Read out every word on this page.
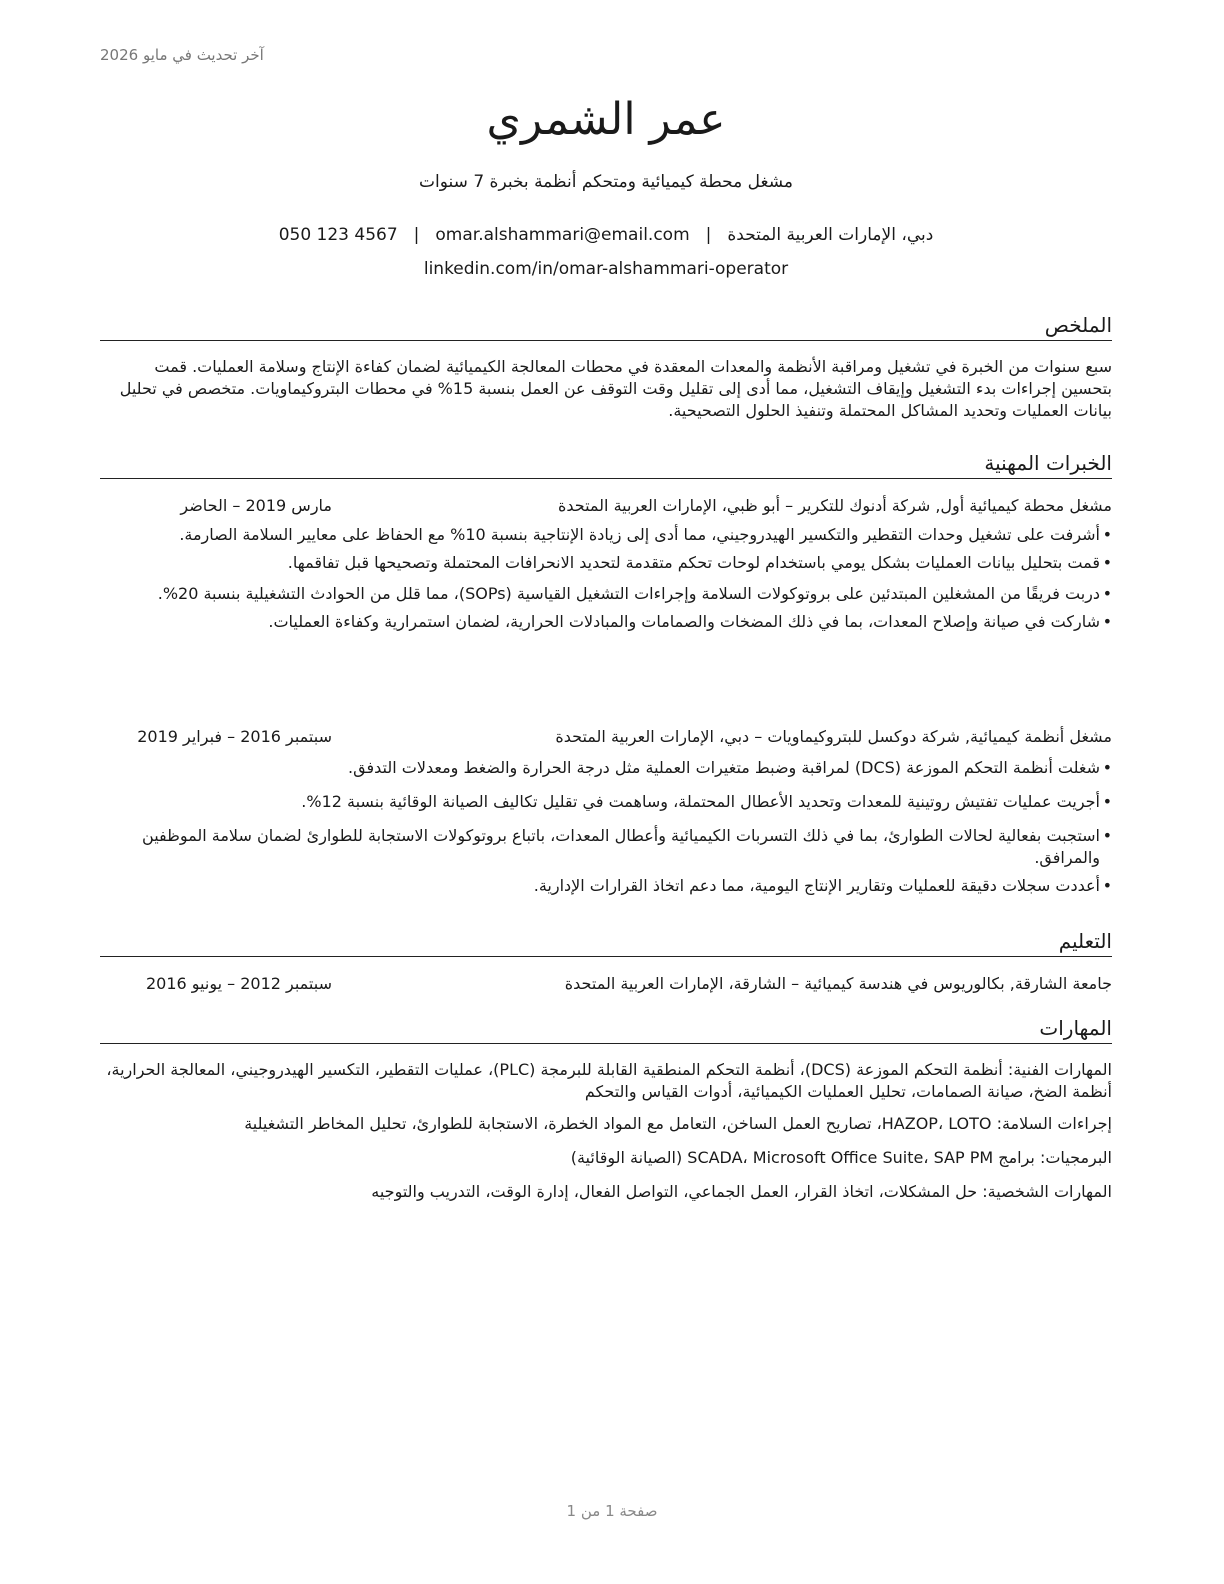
آخر تحديث في مايو 2026
عمر الشمري
مشغل محطة كيميائية ومتحكم أنظمة بخبرة 7 سنوات
دبي، الإمارات العربية المتحدة|omar.alshammari@email.com|050 123 4567
linkedin.com/in/omar-alshammari-operator
الملخص

سبع سنوات من الخبرة في تشغيل ومراقبة الأنظمة والمعدات المعقدة في محطات المعالجة الكيميائية لضمان كفاءة الإنتاج وسلامة العمليات. قمت بتحسين إجراءات بدء التشغيل وإيقاف التشغيل، مما أدى إلى تقليل وقت التوقف عن العمل بنسبة 15% في محطات البتروكيماويات. متخصص في تحليل بيانات العمليات وتحديد المشاكل المحتملة وتنفيذ الحلول التصحيحية.

الخبرات المهنية
مشغل محطة كيميائية أول, شركة أدنوك للتكرير – أبو ظبي، الإمارات العربية المتحدة
مارس 2019 – الحاضر
• أشرفت على تشغيل وحدات التقطير والتكسير الهيدروجيني، مما أدى إلى زيادة الإنتاجية بنسبة 10% مع الحفاظ على معايير السلامة الصارمة.
• قمت بتحليل بيانات العمليات بشكل يومي باستخدام لوحات تحكم متقدمة لتحديد الانحرافات المحتملة وتصحيحها قبل تفاقمها.
• دربت فريقًا من المشغلين المبتدئين على بروتوكولات السلامة وإجراءات التشغيل القياسية (SOPs)، مما قلل من الحوادث التشغيلية بنسبة 20%.
• شاركت في صيانة وإصلاح المعدات، بما في ذلك المضخات والصمامات والمبادلات الحرارية، لضمان استمرارية وكفاءة العمليات.
مشغل أنظمة كيميائية, شركة دوكسل للبتروكيماويات – دبي، الإمارات العربية المتحدة
سبتمبر 2016 – فبراير 2019
• شغلت أنظمة التحكم الموزعة (DCS) لمراقبة وضبط متغيرات العملية مثل درجة الحرارة والضغط ومعدلات التدفق.
• أجريت عمليات تفتيش روتينية للمعدات وتحديد الأعطال المحتملة، وساهمت في تقليل تكاليف الصيانة الوقائية بنسبة 12%.
• استجبت بفعالية لحالات الطوارئ، بما في ذلك التسربات الكيميائية وأعطال المعدات، باتباع بروتوكولات الاستجابة للطوارئ لضمان سلامة الموظفين والمرافق.
• أعددت سجلات دقيقة للعمليات وتقارير الإنتاج اليومية، مما دعم اتخاذ القرارات الإدارية.
التعليم
جامعة الشارقة, بكالوريوس في هندسة كيميائية – الشارقة، الإمارات العربية المتحدة
سبتمبر 2012 – يونيو 2016
المهارات

المهارات الفنية: أنظمة التحكم الموزعة (DCS)، أنظمة التحكم المنطقية القابلة للبرمجة (PLC)، عمليات التقطير، التكسير الهيدروجيني، المعالجة الحرارية، أنظمة الضخ، صيانة الصمامات، تحليل العمليات الكيميائية، أدوات القياس والتحكم

إجراءات السلامة: HAZOP، LOTO، تصاريح العمل الساخن، التعامل مع المواد الخطرة، الاستجابة للطوارئ، تحليل المخاطر التشغيلية

البرمجيات: برامج SCADA، Microsoft Office Suite، SAP PM (الصيانة الوقائية)

المهارات الشخصية: حل المشكلات، اتخاذ القرار، العمل الجماعي، التواصل الفعال، إدارة الوقت، التدريب والتوجيه

صفحة 1 من 1
